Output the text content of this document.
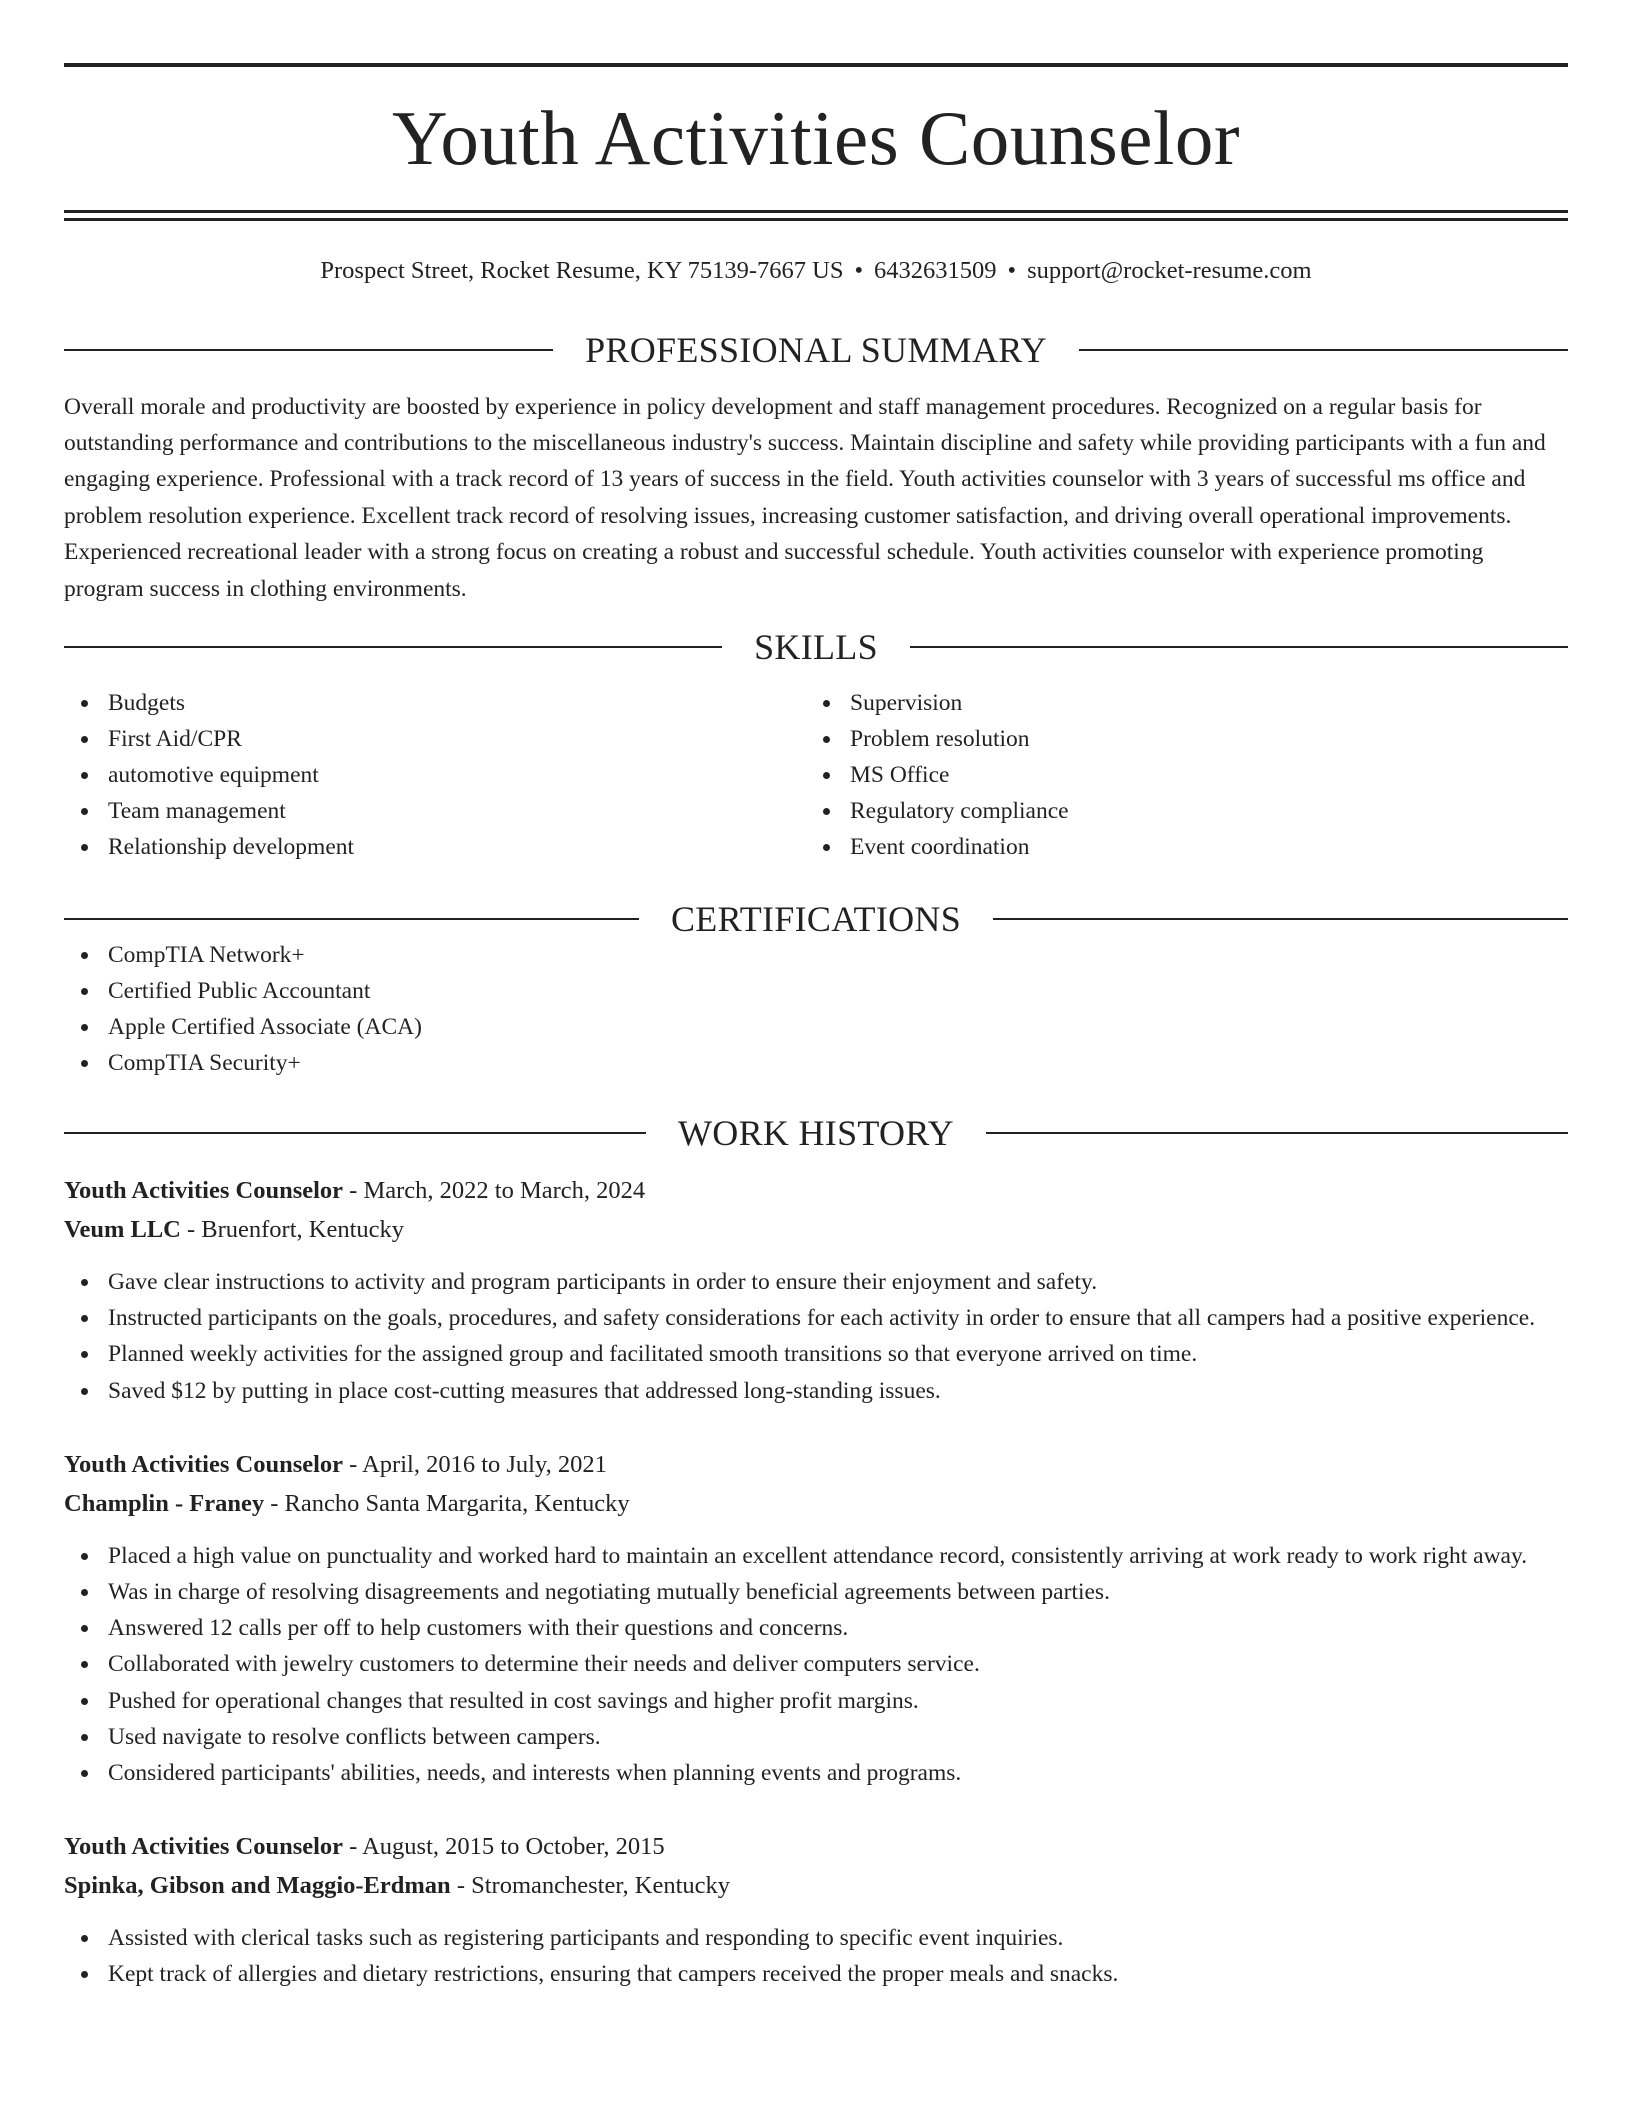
Youth Activities Counselor
Prospect Street, Rocket Resume, KY 75139-7667 US • 6432631509 • support@rocket-resume.com
PROFESSIONAL SUMMARY

Overall morale and productivity are boosted by experience in policy development and staff management procedures. Recognized on a regular basis for outstanding performance and contributions to the miscellaneous industry's success. Maintain discipline and safety while providing participants with a fun and engaging experience. Professional with a track record of 13 years of success in the field. Youth activities counselor with 3 years of successful ms office and problem resolution experience. Excellent track record of resolving issues, increasing customer satisfaction, and driving overall operational improvements. Experienced recreational leader with a strong focus on creating a robust and successful schedule. Youth activities counselor with experience promoting program success in clothing environments.

SKILLS
Budgets
First Aid/CPR
automotive equipment
Team management
Relationship development
Supervision
Problem resolution
MS Office
Regulatory compliance
Event coordination
CERTIFICATIONS
CompTIA Network+
Certified Public Accountant
Apple Certified Associate (ACA)
CompTIA Security+
WORK HISTORY
Youth Activities Counselor - March, 2022 to March, 2024
Veum LLC - Bruenfort, Kentucky
Gave clear instructions to activity and program participants in order to ensure their enjoyment and safety.
Instructed participants on the goals, procedures, and safety considerations for each activity in order to ensure that all campers had a positive experience.
Planned weekly activities for the assigned group and facilitated smooth transitions so that everyone arrived on time.
Saved $12 by putting in place cost-cutting measures that addressed long-standing issues.
Youth Activities Counselor - April, 2016 to July, 2021
Champlin - Franey - Rancho Santa Margarita, Kentucky
Placed a high value on punctuality and worked hard to maintain an excellent attendance record, consistently arriving at work ready to work right away.
Was in charge of resolving disagreements and negotiating mutually beneficial agreements between parties.
Answered 12 calls per off to help customers with their questions and concerns.
Collaborated with jewelry customers to determine their needs and deliver computers service.
Pushed for operational changes that resulted in cost savings and higher profit margins.
Used navigate to resolve conflicts between campers.
Considered participants' abilities, needs, and interests when planning events and programs.
Youth Activities Counselor - August, 2015 to October, 2015
Spinka, Gibson and Maggio-Erdman - Stromanchester, Kentucky
Assisted with clerical tasks such as registering participants and responding to specific event inquiries.
Kept track of allergies and dietary restrictions, ensuring that campers received the proper meals and snacks.
